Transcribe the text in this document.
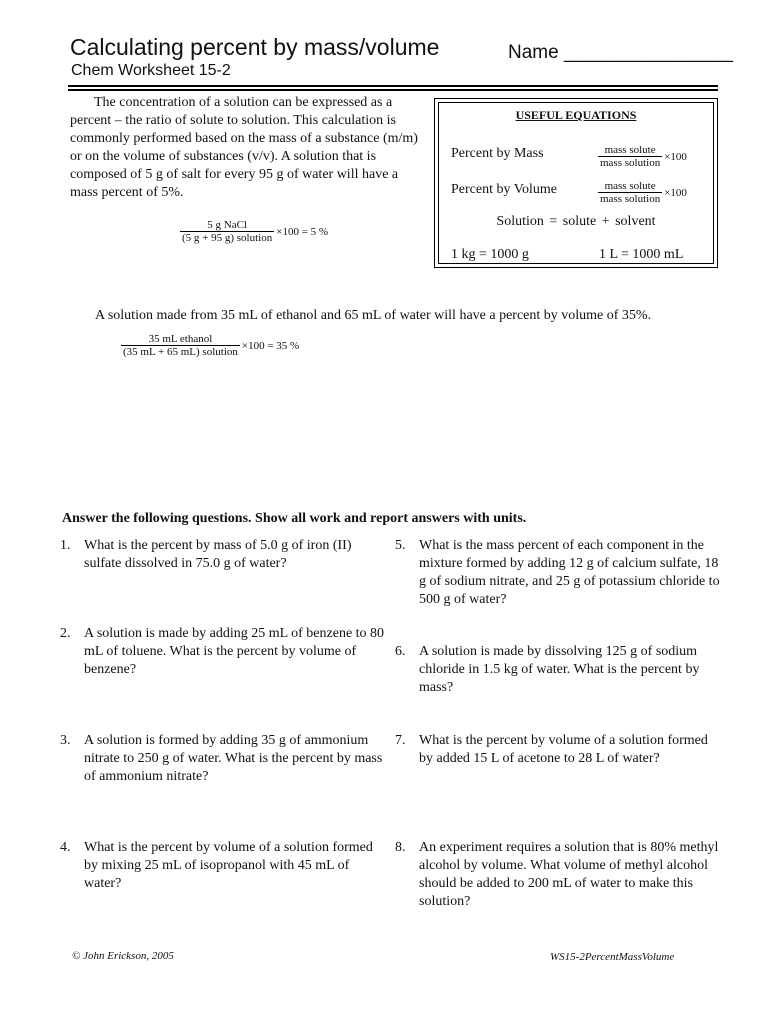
Calculating percent by mass/volume
Chem Worksheet 15-2
Name ________________
The concentration of a solution can be expressed as a percent – the ratio of solute to solution. This calculation is commonly performed based on the mass of a substance (m/m) or on the volume of substances (v/v). A solution that is composed of 5 g of salt for every 95 g of water will have a mass percent of 5%.
$\frac{\text{5 g NaCl}}{\text{(5 g + 95 g) solution}} \times 100 = 5$ %
USEFUL EQUATIONS
Percent by Mass	$\frac{\text{mass solute}}{\text{mass solution}} \times 100$
Percent by Volume	$\frac{\text{mass solute}}{\text{mass solution}} \times 100$
Solution = solute + solvent
1 kg = 1000 g	1 L = 1000 mL
A solution made from 35 mL of ethanol and 65 mL of water will have a percent by volume of 35%.
$\frac{\text{35 mL ethanol}}{\text{(35 mL + 65 mL) solution}} \times 100 = 35$ %
Answer the following questions. Show all work and report answers with units.
1. What is the percent by mass of 5.0 g of iron (II) sulfate dissolved in 75.0 g of water?
2. A solution is made by adding 25 mL of benzene to 80 mL of toluene. What is the percent by volume of benzene?
3. A solution is formed by adding 35 g of ammonium nitrate to 250 g of water. What is the percent by mass of ammonium nitrate?
4. What is the percent by volume of a solution formed by mixing 25 mL of isopropanol with 45 mL of water?
5. What is the mass percent of each component in the mixture formed by adding 12 g of calcium sulfate, 18 g of sodium nitrate, and 25 g of potassium chloride to 500 g of water?
6. A solution is made by dissolving 125 g of sodium chloride in 1.5 kg of water. What is the percent by mass?
7. What is the percent by volume of a solution formed by added 15 L of acetone to 28 L of water?
8. An experiment requires a solution that is 80% methyl alcohol by volume. What volume of methyl alcohol should be added to 200 mL of water to make this solution?
© John Erickson, 2005	WS15-2PercentMassVolume
